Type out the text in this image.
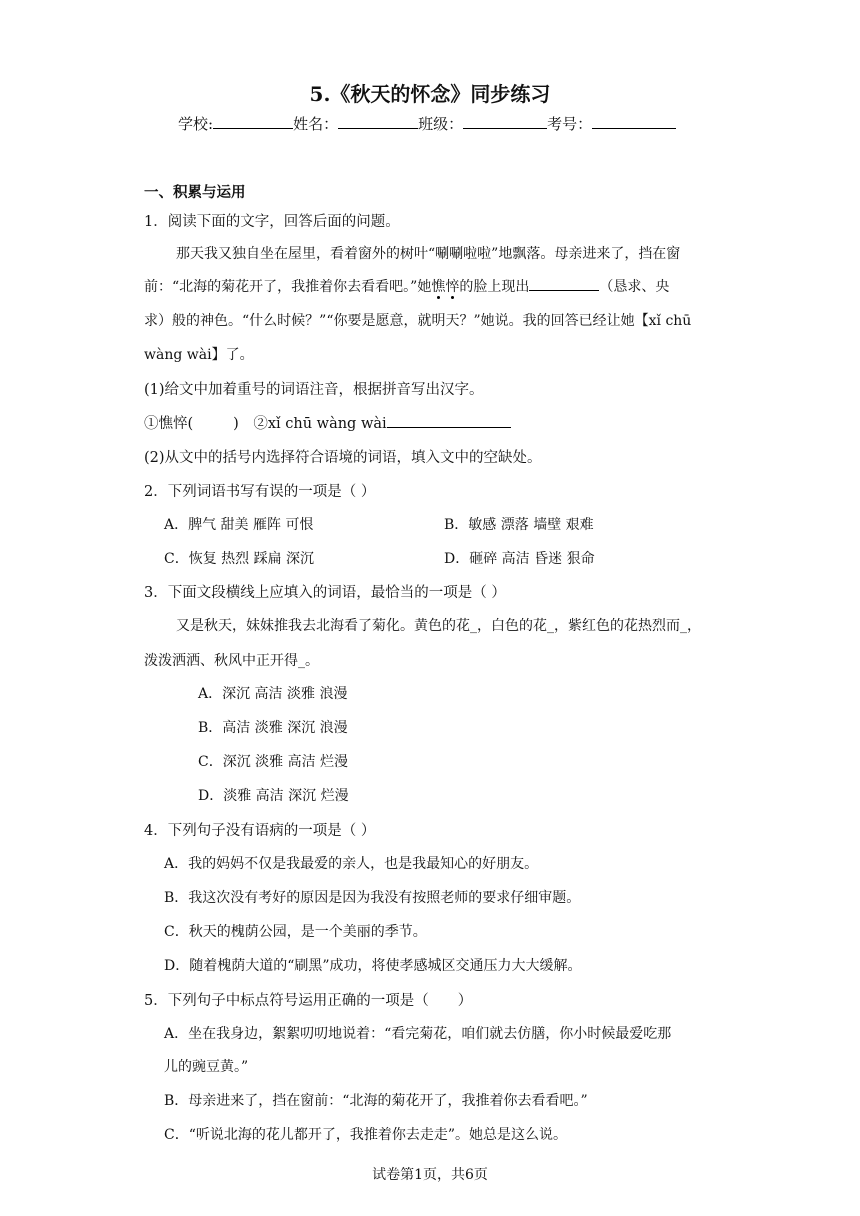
5.《秋天的怀念》同步练习
学校:	姓名：	班级：	考号：
一、积累与运用
1．阅读下面的文字，回答后面的问题。
那天我又独自坐在屋里，看着窗外的树叶“唰唰啦啦”地飘落。母亲进来了，挡在窗
前：“北海的菊花开了，我推着你去看看吧。”她憔悴的脸上现出	（恳求、央
求）般的神色。“什么时候？”“你要是愿意，就明天？”她说。我的回答已经让她【xǐ chū
wàng wài】了。
(1)给文中加着重号的词语注音，根据拼音写出汉字。
①憔悴(	)　②xǐ chū wàng wài
(2)从文中的括号内选择符合语境的词语，填入文中的空缺处。
2．下列词语书写有误的一项是（ ）
A．脾气 甜美 雁阵 可恨	B．敏感 漂落 墙壁 艰难
C．恢复 热烈 踩扁 深沉	D．砸碎 高洁 昏迷 狠命
3．下面文段横线上应填入的词语，最恰当的一项是（ ）
又是秋天，妹妹推我去北海看了菊化。黄色的花_，白色的花_，紫红色的花热烈而_，
泼泼洒洒、秋风中正开得_。
A．深沉 高洁 淡雅 浪漫
B．高洁 淡雅 深沉 浪漫
C．深沉 淡雅 高洁 烂漫
D．淡雅 高洁 深沉 烂漫
4．下列句子没有语病的一项是（ ）
A．我的妈妈不仅是我最爱的亲人，也是我最知心的好朋友。
B．我这次没有考好的原因是因为我没有按照老师的要求仔细审题。
C．秋天的槐荫公园，是一个美丽的季节。
D．随着槐荫大道的“刷黑”成功，将使孝感城区交通压力大大缓解。
5．下列句子中标点符号运用正确的一项是（　　）
A．坐在我身边，絮絮叨叨地说着：“看完菊花，咱们就去仿膳，你小时候最爱吃那
儿的豌豆黄。”
B．母亲进来了，挡在窗前：“北海的菊花开了，我推着你去看看吧。”
C．“听说北海的花儿都开了，我推着你去走走”。她总是这么说。
试卷第1页，共6页
